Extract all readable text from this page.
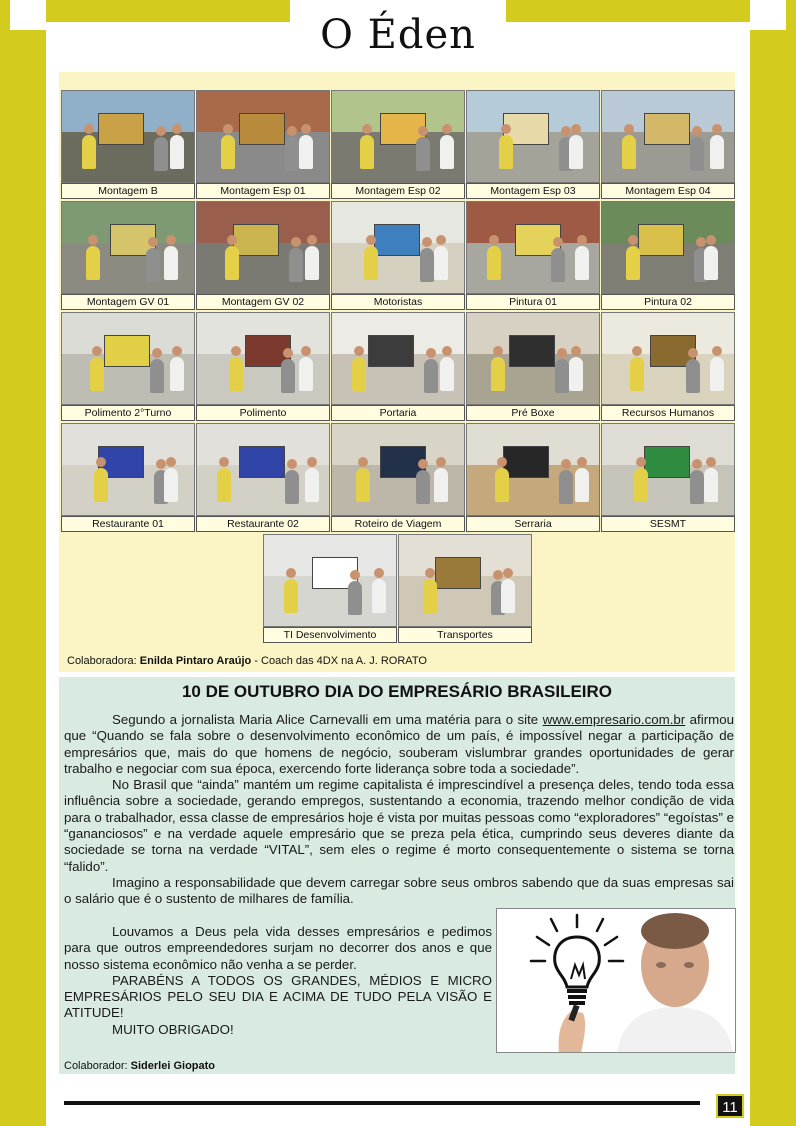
O Éden
Montagem B	Montagem Esp 01	Montagem Esp 02	Montagem Esp 03	Montagem Esp 04
Montagem GV 01	Montagem GV 02	Motoristas	Pintura 01	Pintura 02
Polimento 2°Turno	Polimento	Portaria	Pré Boxe	Recursos Humanos
Restaurante 01	Restaurante 02	Roteiro de Viagem	Serraria	SESMT
TI Desenvolvimento	Transportes
Colaboradora: Enilda Pintaro Araújo - Coach das 4DX na A. J. RORATO
10 DE OUTUBRO DIA DO EMPRESÁRIO BRASILEIRO

Segundo a jornalista Maria Alice Carnevalli em uma matéria para o site www.empresario.com.br afirmou que “Quando se fala sobre o desenvolvimento econômico de um país, é impossível negar a participação de empresários que, mais do que homens de negócio, souberam vislumbrar grandes oportunidades de gerar trabalho e negociar com sua época, exercendo forte liderança sobre toda a sociedade”.

No Brasil que “ainda” mantém um regime capitalista é imprescindível a presença deles, tendo toda essa influência sobre a sociedade, gerando empregos, sustentando a economia, trazendo melhor condição de vida para o trabalhador, essa classe de empresários hoje é vista por muitas pessoas como “exploradores” “egoístas” e “gananciosos” e na verdade aquele empresário que se preza pela ética, cumprindo seus deveres diante da sociedade se torna na verdade “VITAL”, sem eles o regime é morto consequentemente o sistema se torna “falido”.

Imagino a responsabilidade que devem carregar sobre seus ombros sabendo que da suas empresas sai o salário que é o sustento de milhares de família.

Louvamos a Deus pela vida desses empresários e pedimos para que outros empreendedores surjam no decorrer dos anos e que nosso sistema econômico não venha a se perder.

PARABÉNS A TODOS OS GRANDES, MÉDIOS E MICRO EMPRESÁRIOS PELO SEU DIA E ACIMA DE TUDO PELA VISÃO E ATITUDE!

MUITO OBRIGADO!

Colaborador: Siderlei Giopato
11
